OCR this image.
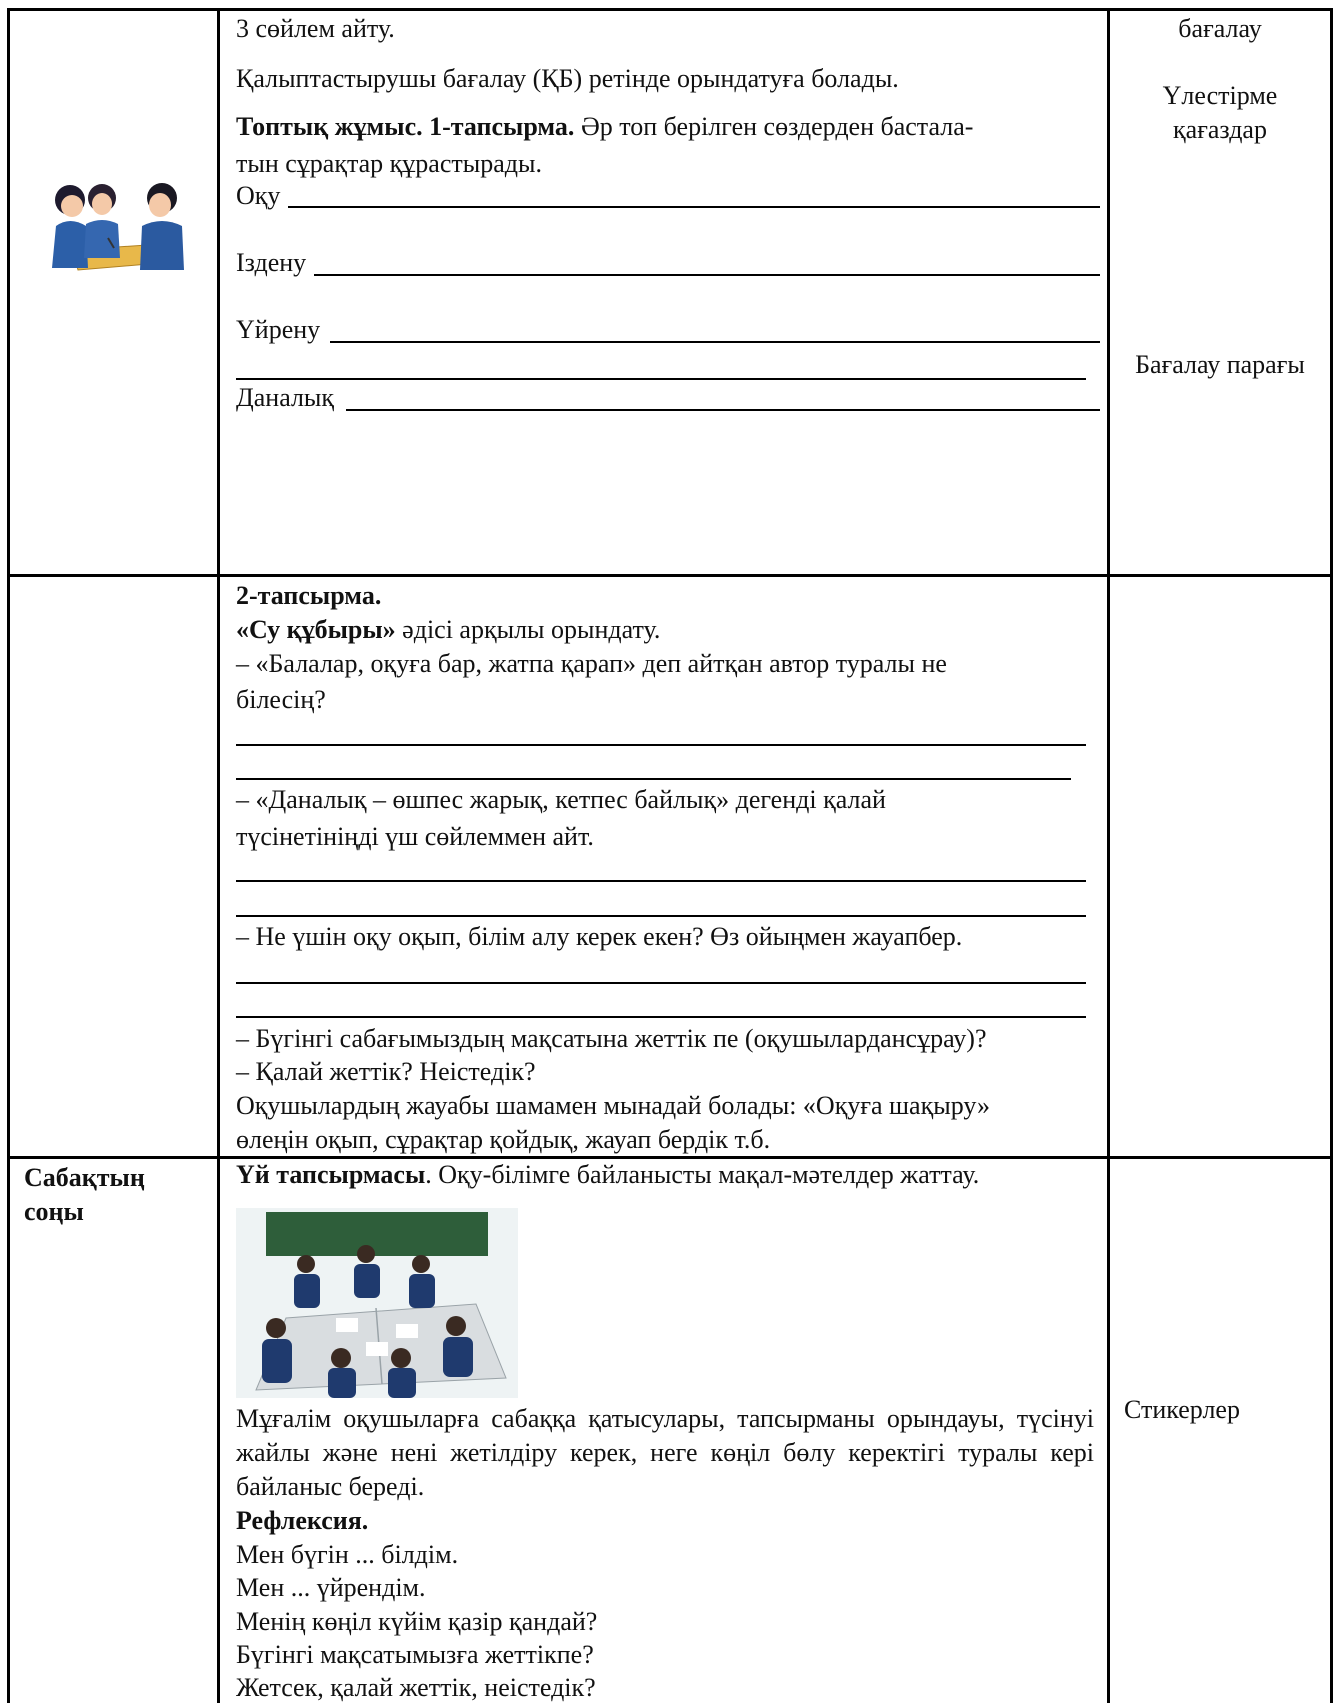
3 сөйлем айту.
Қалыптастырушы бағалау (ҚБ) ретінде орындатуға болады.
Топтық жұмыс. 1-тапсырма. Әр топ берілген сөздерден бастала-
тын сұрақтар құрастырады.
Оқу
Іздену
Үйрену
Даналық
бағалау
Үлестірме
қағаздар
Бағалау парағы
2-тапсырма.
«Су құбыры» әдісі арқылы орындату.
– «Балалар, оқуға бар, жатпа қарап» деп айтқан автор туралы не
білесің?
– «Даналық – өшпес жарық, кетпес байлық» дегенді қалай
түсінетініңді үш сөйлеммен айт.
– Не үшін оқу оқып, білім алу керек екен? Өз ойыңмен жауапбер.
– Бүгінгі сабағымыздың мақсатына жеттік пе (оқушылардансұрау)?
– Қалай жеттік? Неістедік?
Оқушылардың жауабы шамамен мынадай болады: «Оқуға шақыру»
өлеңін оқып, сұрақтар қойдық, жауап бердік т.б.
Сабақтың
соңы
Үй тапсырмасы. Оқу-білімге байланысты мақал-мәтелдер жаттау.
Мұғалім оқушыларға сабаққа қатысулары, тапсырманы орындауы, түсінуі жайлы және нені жетілдіру керек, неге көңіл бөлу керектігі туралы кері байланыс береді.
Рефлексия.
Мен бүгін ... білдім.
Мен ... үйрендім.
Менің көңіл күйім қазір қандай?
Бүгінгі мақсатымызға жеттікпе?
Жетсек, қалай жеттік, неістедік?
Стикерлер
